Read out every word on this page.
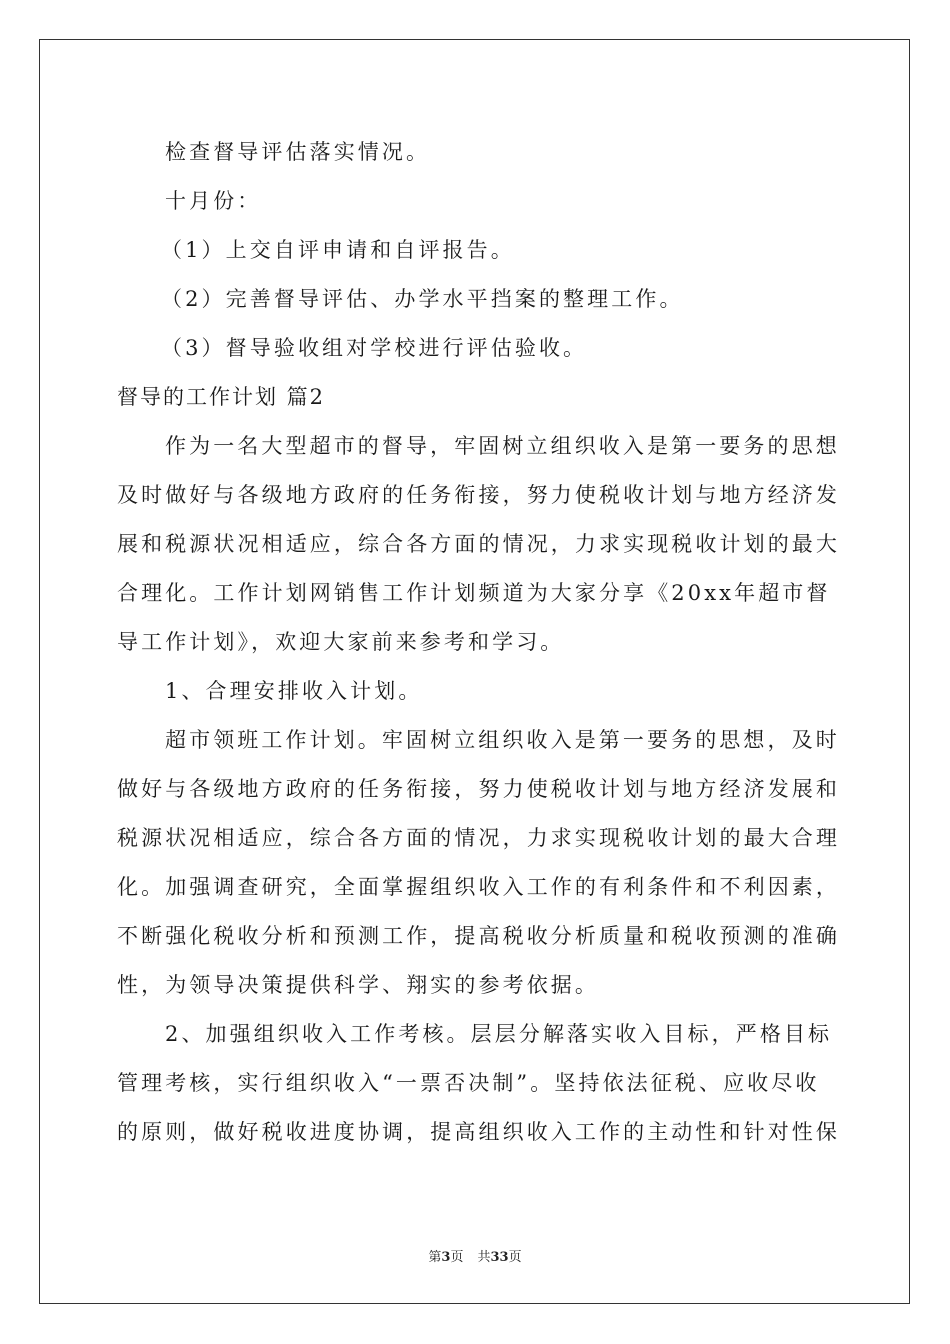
检查督导评估落实情况。
十月份：
（1）上交自评申请和自评报告。
（2）完善督导评估、办学水平挡案的整理工作。
（3）督导验收组对学校进行评估验收。
督导的工作计划 篇2
作为一名大型超市的督导，牢固树立组织收入是第一要务的思想
及时做好与各级地方政府的任务衔接，努力使税收计划与地方经济发
展和税源状况相适应，综合各方面的情况，力求实现税收计划的最大
合理化。工作计划网销售工作计划频道为大家分享《20xx年超市督
导工作计划》，欢迎大家前来参考和学习。
1、合理安排收入计划。
超市领班工作计划。牢固树立组织收入是第一要务的思想，及时
做好与各级地方政府的任务衔接，努力使税收计划与地方经济发展和
税源状况相适应，综合各方面的情况，力求实现税收计划的最大合理
化。加强调查研究，全面掌握组织收入工作的有利条件和不利因素，
不断强化税收分析和预测工作，提高税收分析质量和税收预测的准确
性，为领导决策提供科学、翔实的参考依据。
2、加强组织收入工作考核。层层分解落实收入目标，严格目标
管理考核，实行组织收入“一票否决制”。坚持依法征税、应收尽收
的原则，做好税收进度协调，提高组织收入工作的主动性和针对性保
第3页 共33页
